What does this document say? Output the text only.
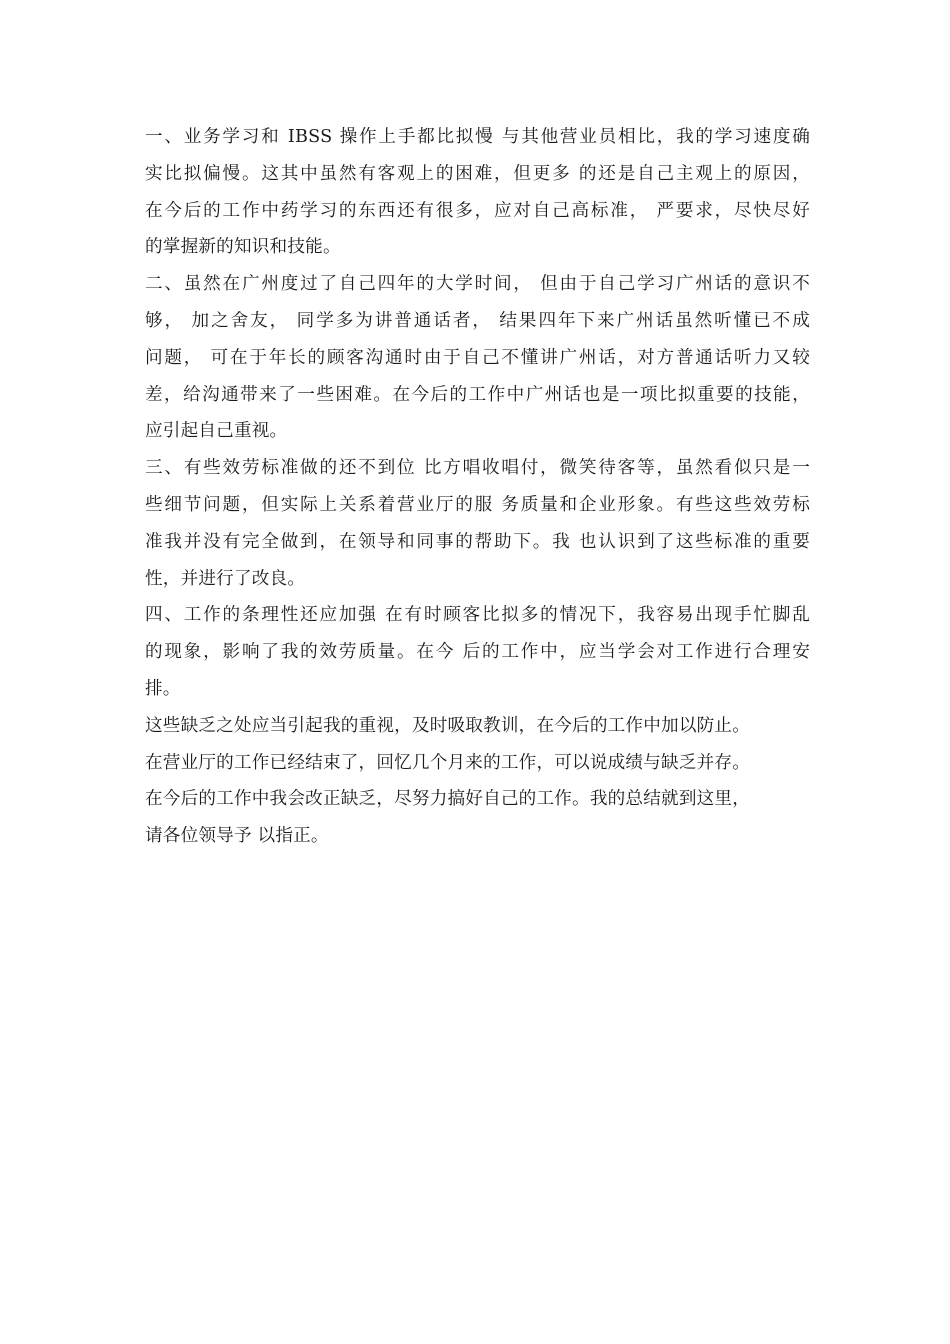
一、业务学习和 IBSS 操作上手都比拟慢 与其他营业员相比，我的学习速度确
实比拟偏慢。这其中虽然有客观上的困难，但更多 的还是自己主观上的原因，
在今后的工作中药学习的东西还有很多，应对自己高标准， 严要求，尽快尽好
的掌握新的知识和技能。
二、虽然在广州度过了自己四年的大学时间， 但由于自己学习广州话的意识不
够， 加之舍友， 同学多为讲普通话者， 结果四年下来广州话虽然听懂已不成
问题， 可在于年长的顾客沟通时由于自己不懂讲广州话，对方普通话听力又较
差，给沟通带来了一些困难。在今后的工作中广州话也是一项比拟重要的技能，
应引起自己重视。
三、有些效劳标准做的还不到位 比方唱收唱付，微笑待客等，虽然看似只是一
些细节问题，但实际上关系着营业厅的服 务质量和企业形象。有些这些效劳标
准我并没有完全做到，在领导和同事的帮助下。我 也认识到了这些标准的重要
性，并进行了改良。
四、工作的条理性还应加强 在有时顾客比拟多的情况下，我容易出现手忙脚乱
的现象，影响了我的效劳质量。在今 后的工作中，应当学会对工作进行合理安
排。
这些缺乏之处应当引起我的重视，及时吸取教训，在今后的工作中加以防止。
在营业厅的工作已经结束了，回忆几个月来的工作，可以说成绩与缺乏并存。
在今后的工作中我会改正缺乏，尽努力搞好自己的工作。我的总结就到这里，
请各位领导予 以指正。
